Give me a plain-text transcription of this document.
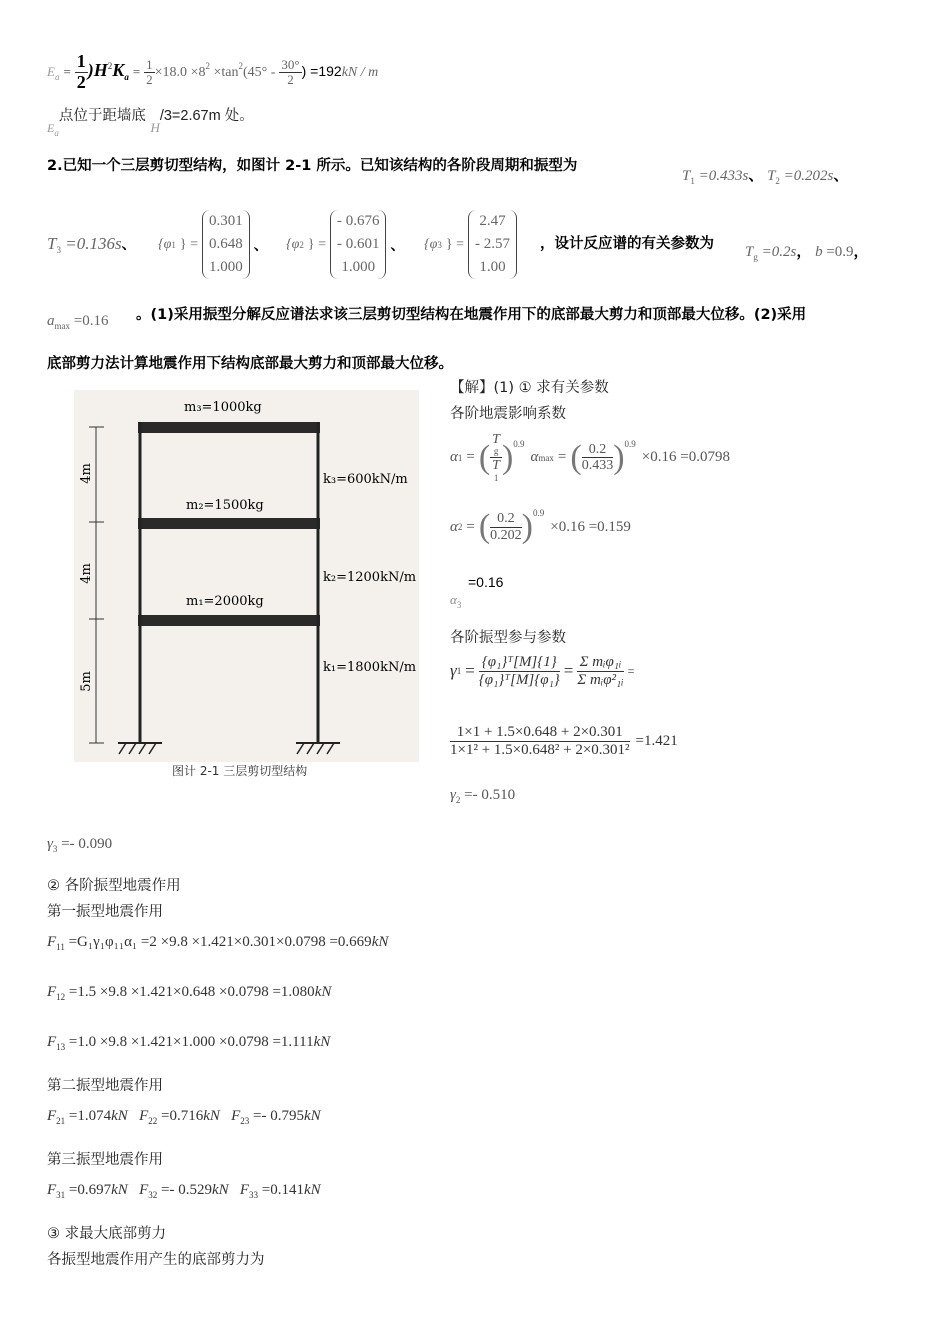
$E_a = \frac{1}{2} )H^2K_a = \frac{1}{2} \times 18.0 \times 8^2 \times\tan^2(45^\circ - \frac{30^\circ}{2}$ ) =192kN / m
$_{E_a}$点位于距墙底 H/3=2.67m 处。
2.已知一个三层剪切型结构，如图计 2-1 所示。已知该结构的各阶段周期和振型为
$T_1 =0.433s$、 $T_2 =0.202s$、
$T_3 =0.136s$、 {φ 1 } =
0.301
0.648
1.000
、 {φ 2 } =
- 0.676
- 0.601
1.000
、 {φ 3 } =
2.47
- 2.57
1.00
，设计反应谱的有关参数为 $T_g =0.2s$， b =0.9，
$a_{max} =0.16$ 。(1)采用振型分解反应谱法求该三层剪切型结构在地震作用下的底部最大剪力和顶部最大位移。(2)采用
底部剪力法计算地震作用下结构底部最大剪力和顶部最大位移。
m₃=1000kg
m₂=1500kg
m₁=2000kg
k₃=600kN/m
k₂=1200kN/m
k₁=1800kN/m
4m
4m
5m
图计 2-1 三层剪切型结构
【解】(1) ① 求有关参数
各阶地震影响系数
α 1 = ( T
g
T
1 ) 0.9
α max = ( $\frac{0.2}{0.433}$ ) 0.9
×0.16 =0.0798
α 2 = ( $\frac{0.2}{0.202}$ ) 0.9
×0.16 =0.159
=0.16
$\alpha_3$
各阶振型参与参数
γ $1 = \frac{\text{\{φ₁\}ᵀ[M]\{1\}}}{\text{\{φ₁\}ᵀ[M]\{φ₁\}}} = \frac{\text{Σ mᵢφ₁ᵢ}}{\text{Σ mᵢφ²₁ᵢ}}$ =
$\frac{1\times 1 + 1.5\times 0.648 + 2\times 0.301}{\text{1×1² + 1.5×0.648² + 2×0.301²}} =1.421$
$\gamma_2 =- 0.510$
$\gamma_3 =- 0.090$
② 各阶振型地震作用
第一振型地震作用
$F_{11} =G_1\gamma_1\varphi_{11}\alpha_1 =2 \times 9.8 \times 1.421\times 0.301\times 0.0798 =0.669kN$
$F_{12} =1.5 \times 9.8 \times 1.421\times 0.648 \times 0.0798 =1.080kN$
$F_{13} =1.0 \times 9.8 \times 1.421\times 1.000 \times 0.0798 =1.111kN$
第二振型地震作用
$F_{21} =1.074kN$ $F_{22} =0.716kN$ $F_{23} =- 0.795kN$
第三振型地震作用
$F_{31} =0.697kN$ $F_{32} =- 0.529kN$ $F_{33} =0.141kN$
③ 求最大底部剪力
各振型地震作用产生的底部剪力为
